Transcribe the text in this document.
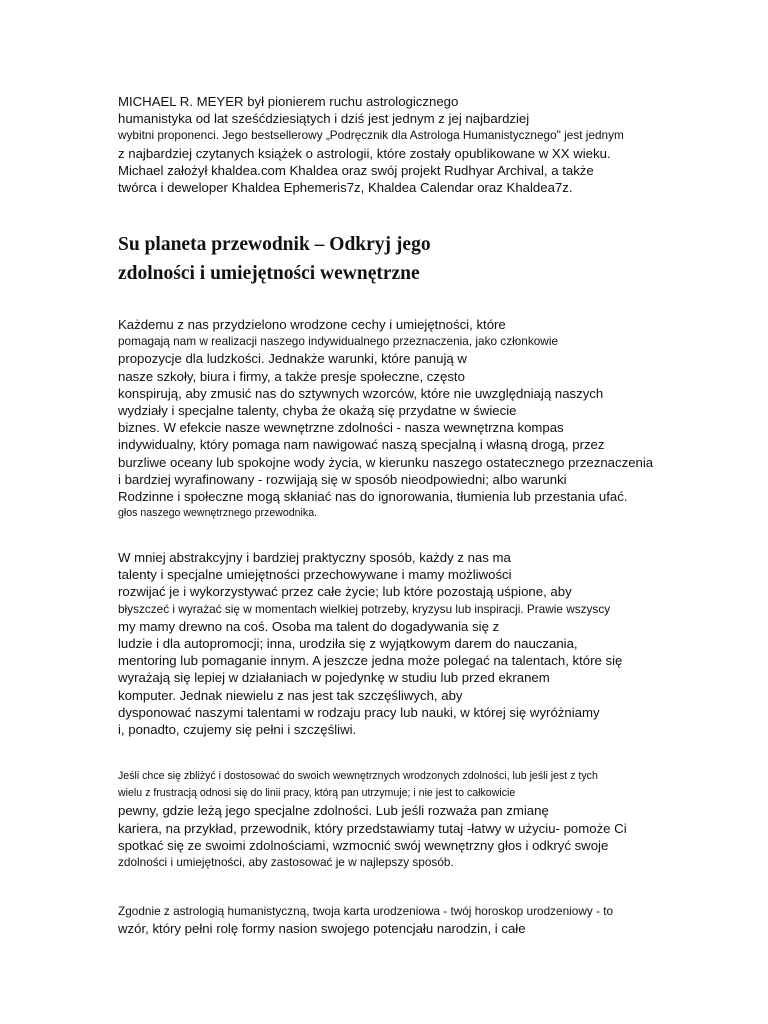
MICHAEL R. MEYER był pionierem ruchu astrologicznego
humanistyka od lat sześćdziesiątych i dziś jest jednym z jej najbardziej
wybitni proponenci. Jego bestsellerowy „Podręcznik dla Astrologa Humanistycznego" jest jednym
z najbardziej czytanych książek o astrologii, które zostały opublikowane w XX wieku.
Michael założył khaldea.com Khaldea oraz swój projekt Rudhyar Archival, a także
twórca i deweloper Khaldea Ephemeris7z, Khaldea Calendar oraz Khaldea7z.
Su planeta przewodnik – Odkryj jego
zdolności i umiejętności wewnętrzne
Każdemu z nas przydzielono wrodzone cechy i umiejętności, które
pomagają nam w realizacji naszego indywidualnego przeznaczenia, jako członkowie
propozycje dla ludzkości. Jednakże warunki, które panują w
nasze szkoły, biura i firmy, a także presje społeczne, często
konspirują, aby zmusić nas do sztywnych wzorców, które nie uwzględniają naszych
wydziały i specjalne talenty, chyba że okażą się przydatne w świecie
biznes. W efekcie nasze wewnętrzne zdolności - nasza wewnętrzna kompas
indywidualny, który pomaga nam nawigować naszą specjalną i własną drogą, przez
burzliwe oceany lub spokojne wody życia, w kierunku naszego ostatecznego przeznaczenia
i bardziej wyrafinowany - rozwijają się w sposób nieodpowiedni; albo warunki
Rodzinne i społeczne mogą skłaniać nas do ignorowania, tłumienia lub przestania ufać.
głos naszego wewnętrznego przewodnika.
W mniej abstrakcyjny i bardziej praktyczny sposób, każdy z nas ma
talenty i specjalne umiejętności przechowywane i mamy możliwości
rozwijać je i wykorzystywać przez całe życie; lub które pozostają uśpione, aby
błyszczeć i wyrażać się w momentach wielkiej potrzeby, kryzysu lub inspiracji. Prawie wszyscy
my mamy drewno na coś. Osoba ma talent do dogadywania się z
ludzie i dla autopromocji; inna, urodziła się z wyjątkowym darem do nauczania,
mentoring lub pomaganie innym. A jeszcze jedna może polegać na talentach, które się
wyrażają się lepiej w działaniach w pojedynkę w studiu lub przed ekranem
komputer. Jednak niewielu z nas jest tak szczęśliwych, aby
dysponować naszymi talentami w rodzaju pracy lub nauki, w której się wyróżniamy
i, ponadto, czujemy się pełni i szczęśliwi.
Jeśli chce się zbliżyć i dostosować do swoich wewnętrznych wrodzonych zdolności, lub jeśli jest z tych
wielu z frustracją odnosi się do linii pracy, którą pan utrzymuje; i nie jest to całkowicie
pewny, gdzie leżą jego specjalne zdolności. Lub jeśli rozważa pan zmianę
kariera, na przykład, przewodnik, który przedstawiamy tutaj -łatwy w użyciu- pomoże Ci
spotkać się ze swoimi zdolnościami, wzmocnić swój wewnętrzny głos i odkryć swoje
zdolności i umiejętności, aby zastosować je w najlepszy sposób.
Zgodnie z astrologią humanistyczną, twoja karta urodzeniowa - twój horoskop urodzeniowy - to
wzór, który pełni rolę formy nasion swojego potencjału narodzin, i całe
